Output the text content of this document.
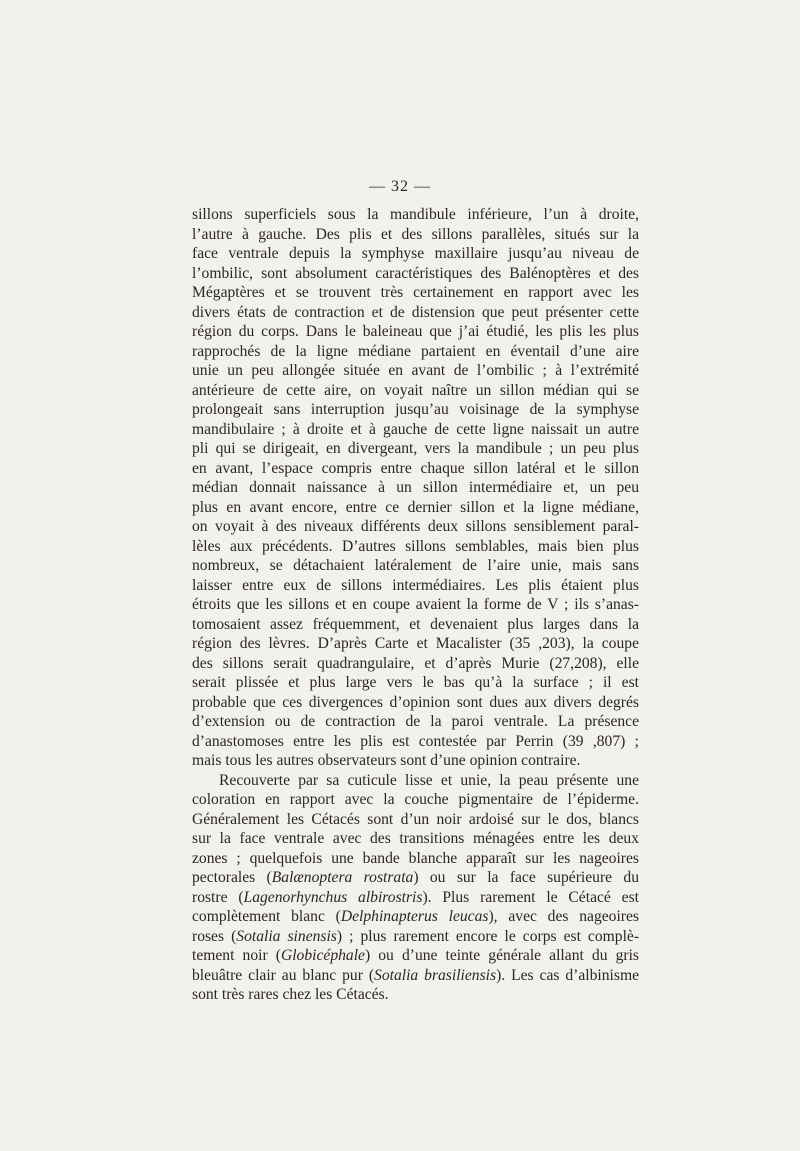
— 32 —
sillons superficiels sous la mandibule inférieure, l’un à droite,
l’autre à gauche. Des plis et des sillons parallèles, situés sur la
face ventrale depuis la symphyse maxillaire jusqu’au niveau de
l’ombilic, sont absolument caractéristiques des Balénoptères et des
Mégaptères et se trouvent très certainement en rapport avec les
divers états de contraction et de distension que peut présenter cette
région du corps. Dans le baleineau que j’ai étudié, les plis les plus
rapprochés de la ligne médiane partaient en éventail d’une aire
unie un peu allongée située en avant de l’ombilic ; à l’extrémité
antérieure de cette aire, on voyait naître un sillon médian qui se
prolongeait sans interruption jusqu’au voisinage de la symphyse
mandibulaire ; à droite et à gauche de cette ligne naissait un autre
pli qui se dirigeait, en divergeant, vers la mandibule ; un peu plus
en avant, l’espace compris entre chaque sillon latéral et le sillon
médian donnait naissance à un sillon intermédiaire et, un peu
plus en avant encore, entre ce dernier sillon et la ligne médiane,
on voyait à des niveaux différents deux sillons sensiblement paral-
lèles aux précédents. D’autres sillons semblables, mais bien plus
nombreux, se détachaient latéralement de l’aire unie, mais sans
laisser entre eux de sillons intermédiaires. Les plis étaient plus
étroits que les sillons et en coupe avaient la forme de V ; ils s’anas-
tomosaient assez fréquemment, et devenaient plus larges dans la
région des lèvres. D’après Carte et Macalister (35 ,203), la coupe
des sillons serait quadrangulaire, et d’après Murie (27,208), elle
serait plissée et plus large vers le bas qu’à la surface ; il est
probable que ces divergences d’opinion sont dues aux divers degrés
d’extension ou de contraction de la paroi ventrale. La présence
d’anastomoses entre les plis est contestée par Perrin (39 ,807) ;
mais tous les autres observateurs sont d’une opinion contraire.
Recouverte par sa cuticule lisse et unie, la peau présente une
coloration en rapport avec la couche pigmentaire de l’épiderme.
Généralement les Cétacés sont d’un noir ardoisé sur le dos, blancs
sur la face ventrale avec des transitions ménagées entre les deux
zones ; quelquefois une bande blanche apparaît sur les nageoires
pectorales (Balænoptera rostrata) ou sur la face supérieure du
rostre (Lagenorhynchus albirostris). Plus rarement le Cétacé est
complètement blanc (Delphinapterus leucas), avec des nageoires
roses (Sotalia sinensis) ; plus rarement encore le corps est complè-
tement noir (Globicéphale) ou d’une teinte générale allant du gris
bleuâtre clair au blanc pur (Sotalia brasiliensis). Les cas d’albinisme
sont très rares chez les Cétacés.
